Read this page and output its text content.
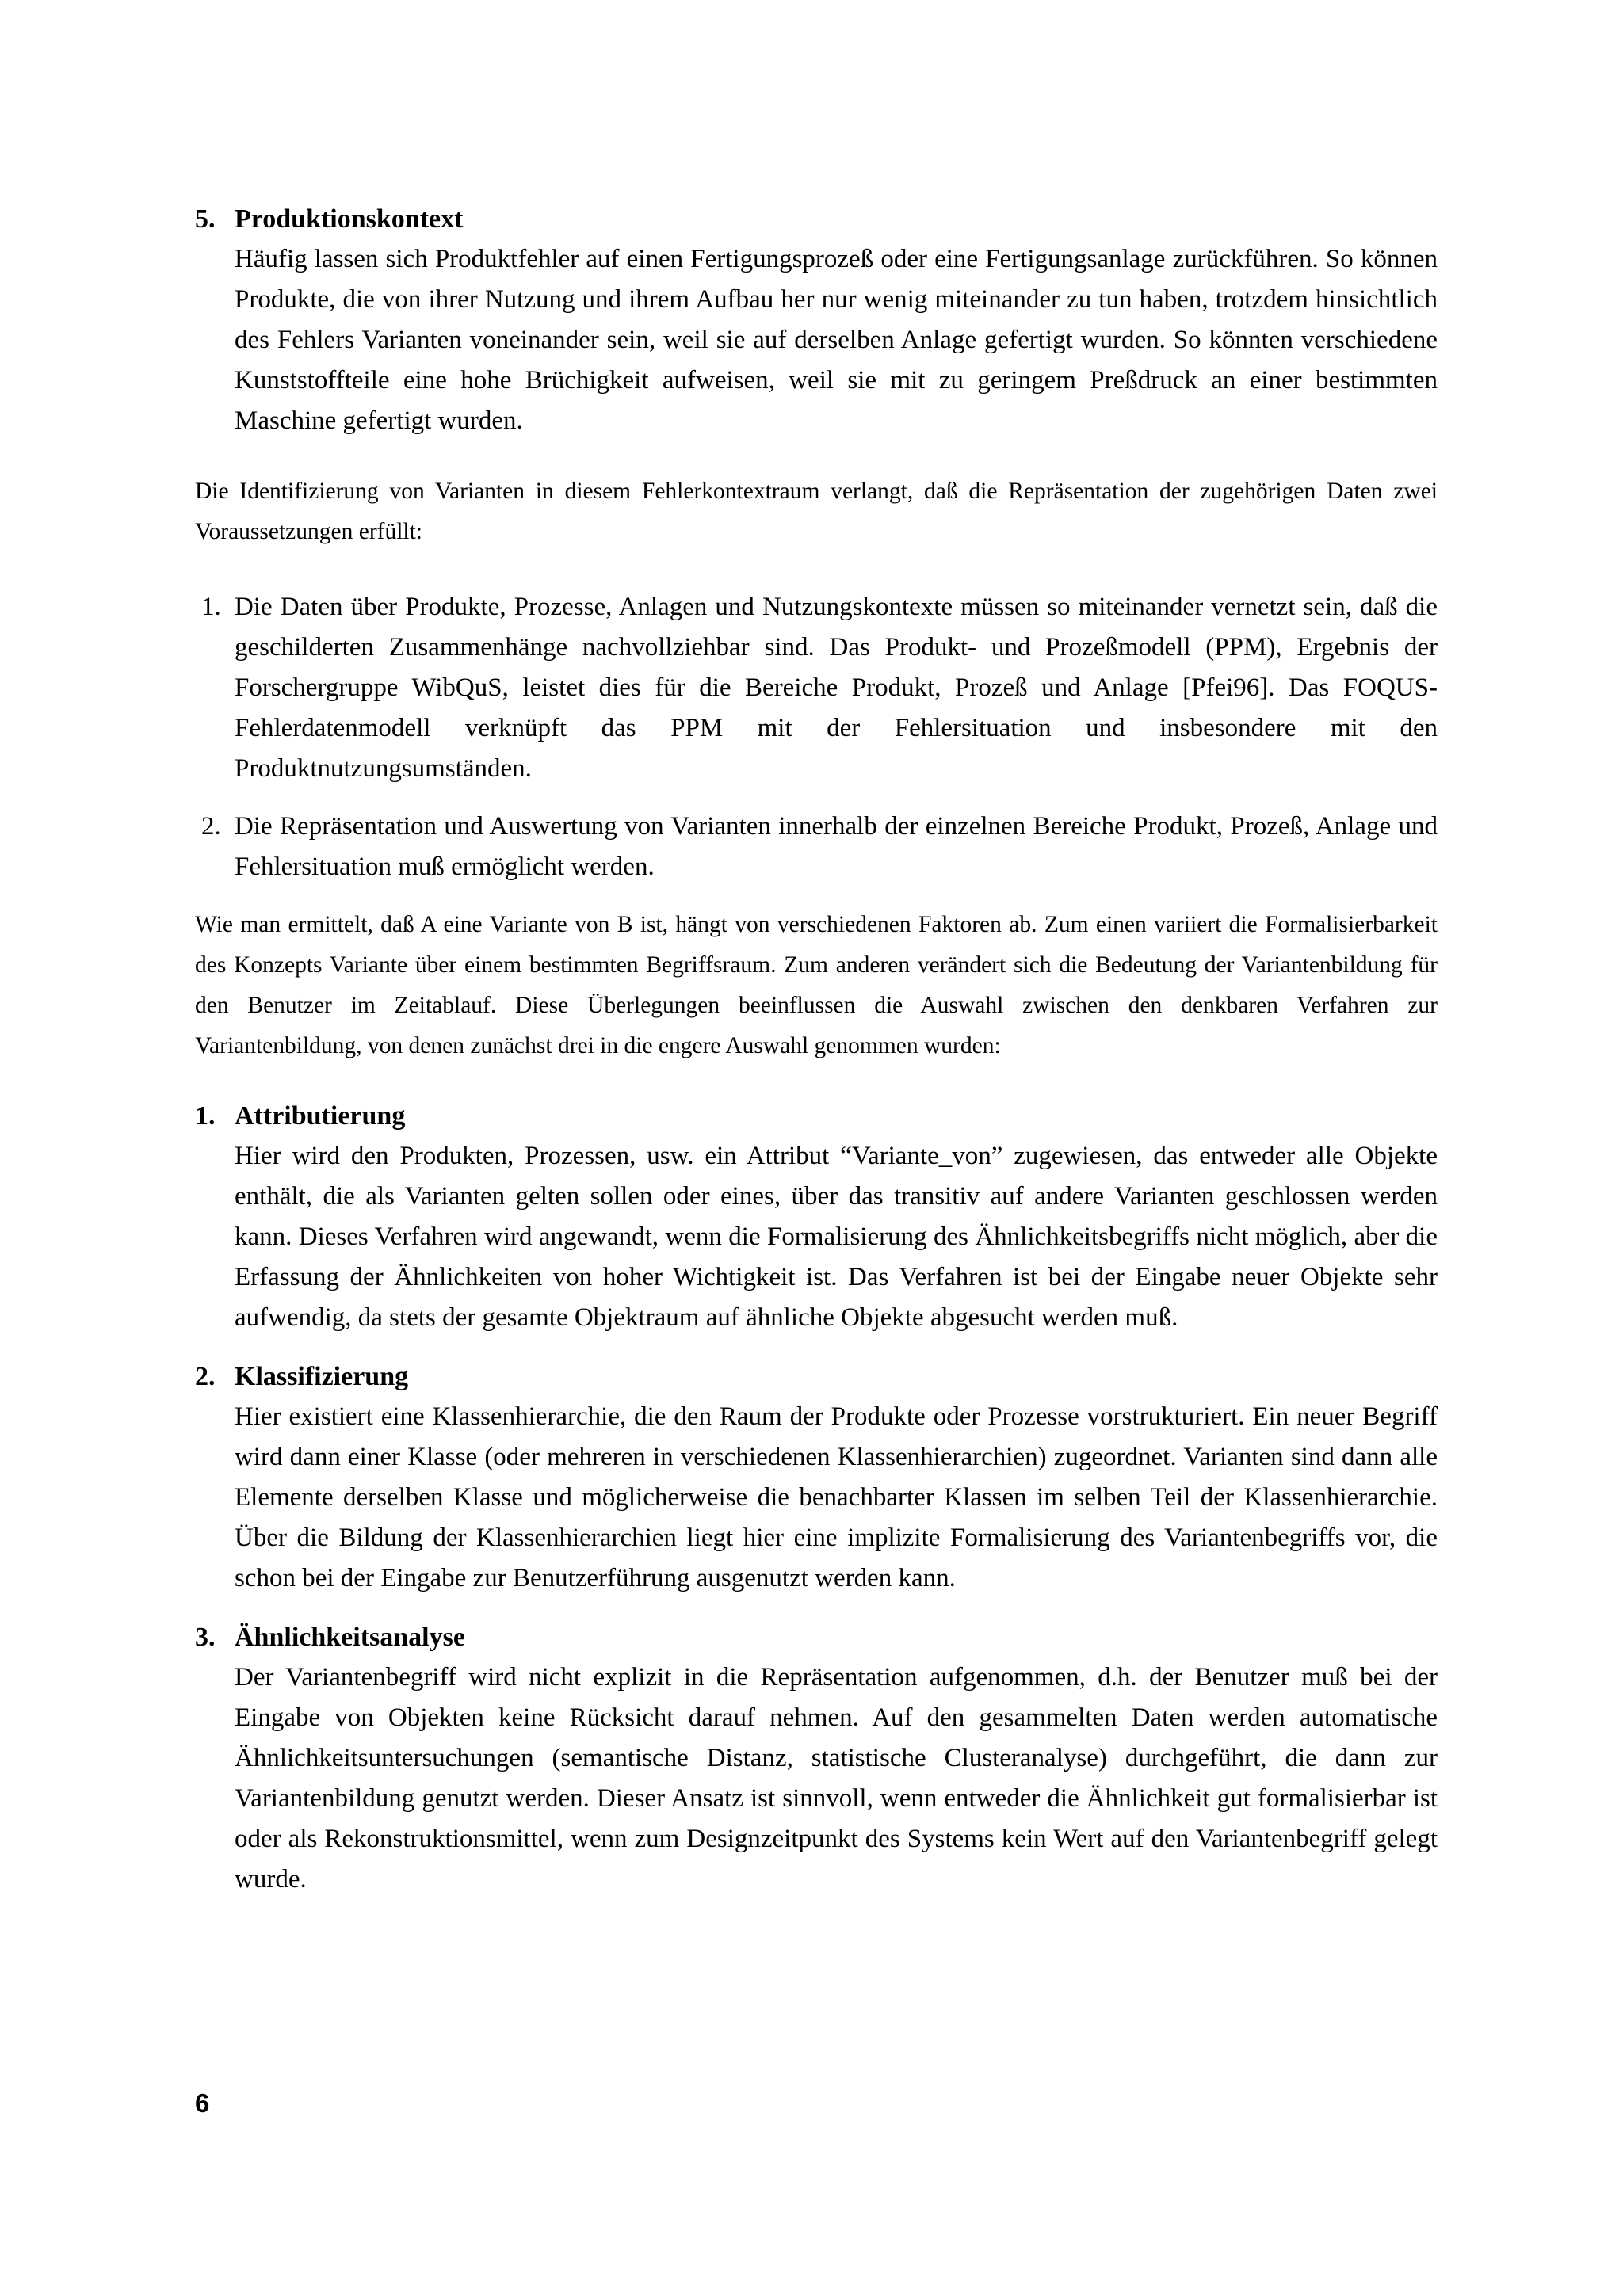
5. Produktionskontext
Häufig lassen sich Produktfehler auf einen Fertigungsprozeß oder eine Fertigungsanlage zurückführen. So können Produkte, die von ihrer Nutzung und ihrem Aufbau her nur wenig miteinander zu tun haben, trotzdem hinsichtlich des Fehlers Varianten voneinander sein, weil sie auf derselben Anlage gefertigt wurden. So könnten verschiedene Kunststoffteile eine hohe Brüchigkeit aufweisen, weil sie mit zu geringem Preßdruck an einer bestimmten Maschine gefertigt wurden.
Die Identifizierung von Varianten in diesem Fehlerkontextraum verlangt, daß die Repräsentation der zugehörigen Daten zwei Voraussetzungen erfüllt:
1. Die Daten über Produkte, Prozesse, Anlagen und Nutzungskontexte müssen so miteinander vernetzt sein, daß die geschilderten Zusammenhänge nachvollziehbar sind. Das Produkt- und Prozeßmodell (PPM), Ergebnis der Forschergruppe WibQuS, leistet dies für die Bereiche Produkt, Prozeß und Anlage [Pfei96]. Das FOQUS-Fehlerdatenmodell verknüpft das PPM mit der Fehlersituation und insbesondere mit den Produktnutzungsumständen.
2. Die Repräsentation und Auswertung von Varianten innerhalb der einzelnen Bereiche Produkt, Prozeß, Anlage und Fehlersituation muß ermöglicht werden.
Wie man ermittelt, daß A eine Variante von B ist, hängt von verschiedenen Faktoren ab. Zum einen variiert die Formalisierbarkeit des Konzepts Variante über einem bestimmten Begriffsraum. Zum anderen verändert sich die Bedeutung der Variantenbildung für den Benutzer im Zeitablauf. Diese Überlegungen beeinflussen die Auswahl zwischen den denkbaren Verfahren zur Variantenbildung, von denen zunächst drei in die engere Auswahl genommen wurden:
1. Attributierung
Hier wird den Produkten, Prozessen, usw. ein Attribut “Variante_von” zugewiesen, das entweder alle Objekte enthält, die als Varianten gelten sollen oder eines, über das transitiv auf andere Varianten geschlossen werden kann. Dieses Verfahren wird angewandt, wenn die Formalisierung des Ähnlichkeitsbegriffs nicht möglich, aber die Erfassung der Ähnlichkeiten von hoher Wichtigkeit ist. Das Verfahren ist bei der Eingabe neuer Objekte sehr aufwendig, da stets der gesamte Objektraum auf ähnliche Objekte abgesucht werden muß.
2. Klassifizierung
Hier existiert eine Klassenhierarchie, die den Raum der Produkte oder Prozesse vorstrukturiert. Ein neuer Begriff wird dann einer Klasse (oder mehreren in verschiedenen Klassenhierarchien) zugeordnet. Varianten sind dann alle Elemente derselben Klasse und möglicherweise die benachbarter Klassen im selben Teil der Klassenhierarchie. Über die Bildung der Klassenhierarchien liegt hier eine implizite Formalisierung des Variantenbegriffs vor, die schon bei der Eingabe zur Benutzerführung ausgenutzt werden kann.
3. Ähnlichkeitsanalyse
Der Variantenbegriff wird nicht explizit in die Repräsentation aufgenommen, d.h. der Benutzer muß bei der Eingabe von Objekten keine Rücksicht darauf nehmen. Auf den gesammelten Daten werden automatische Ähnlichkeitsuntersuchungen (semantische Distanz, statistische Clusteranalyse) durchgeführt, die dann zur Variantenbildung genutzt werden. Dieser Ansatz ist sinnvoll, wenn entweder die Ähnlichkeit gut formalisierbar ist oder als Rekonstruktionsmittel, wenn zum Designzeitpunkt des Systems kein Wert auf den Variantenbegriff gelegt wurde.
6
